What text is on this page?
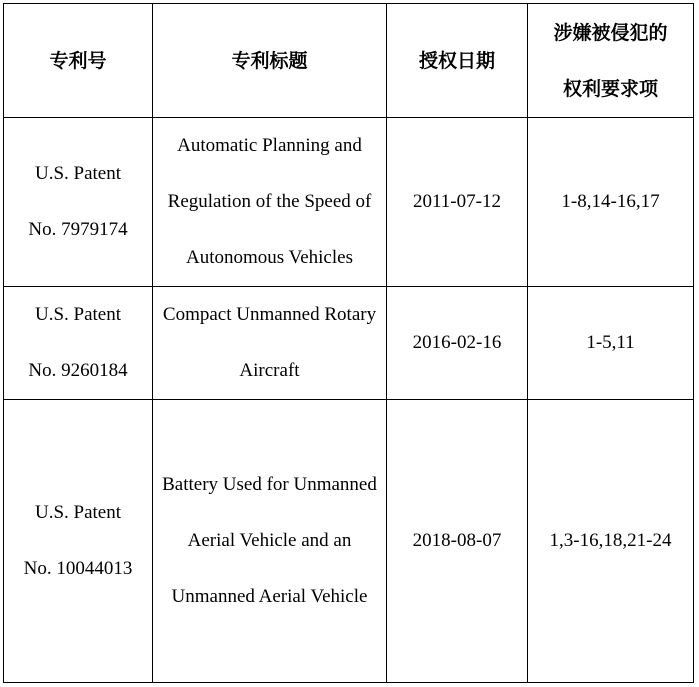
专利号	专利标题	授权日期	涉嫌被侵犯的
权利要求项

U.S. Patent
No. 7979174	Automatic Planning and Regulation of the Speed of Autonomous Vehicles	2011-07-12	1-8,14-16,17

U.S. Patent
No. 9260184	Compact Unmanned Rotary Aircraft	2016-02-16	1-5,11

U.S. Patent
No. 10044013	Battery Used for Unmanned Aerial Vehicle and an Unmanned Aerial Vehicle	2018-08-07	1,3-16,18,21-24
